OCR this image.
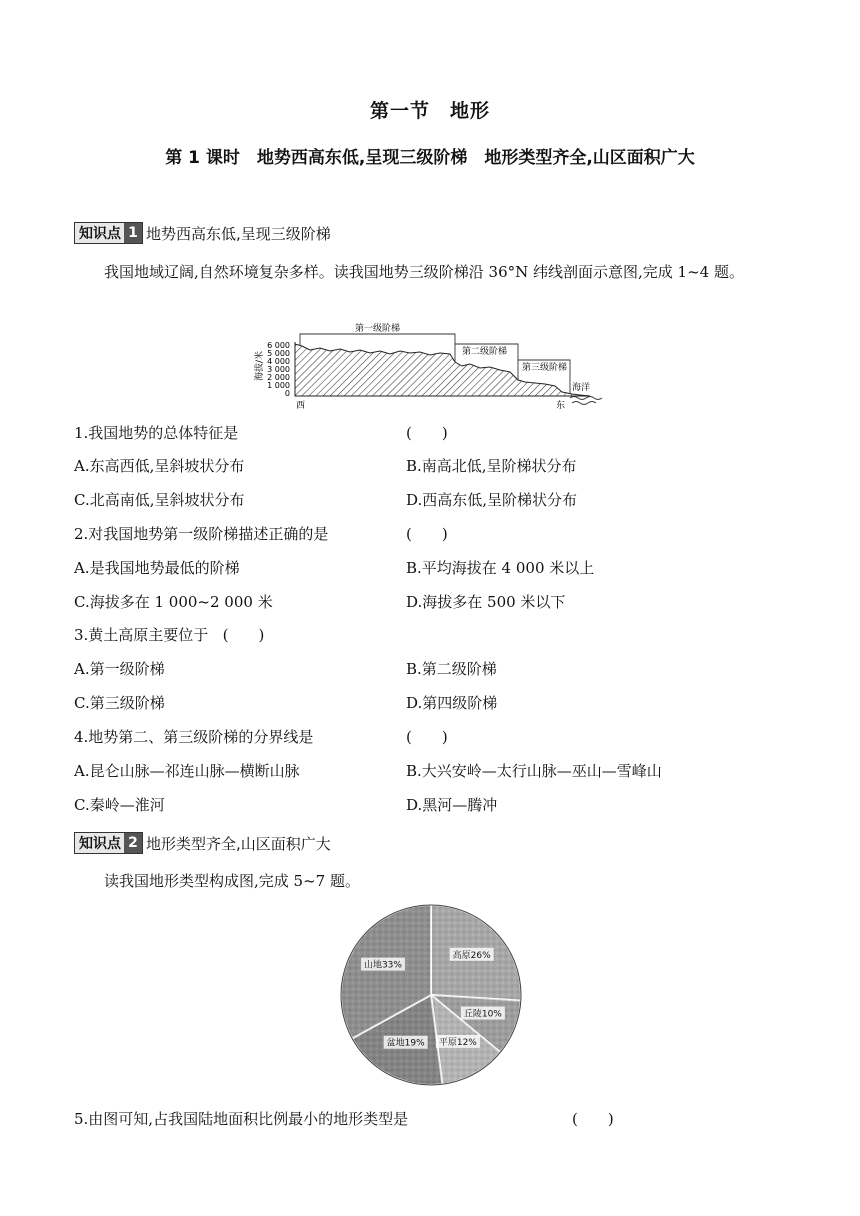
第一节　地形
第 1 课时　地势西高东低,呈现三级阶梯　地形类型齐全,山区面积广大
知识点 1 地势西高东低,呈现三级阶梯
我国地域辽阔,自然环境复杂多样。读我国地势三级阶梯沿 36°N 纬线剖面示意图,完成 1~4 题。
海拔/米
6 000
5 000
4 000
3 000
2 000
1 000
0
第一级阶梯
第二级阶梯
第三级阶梯
海洋
西	东
1.我国地势的总体特征是	(　　)
A.东高西低,呈斜坡状分布	B.南高北低,呈阶梯状分布
C.北高南低,呈斜坡状分布	D.西高东低,呈阶梯状分布
2.对我国地势第一级阶梯描述正确的是	(　　)
A.是我国地势最低的阶梯	B.平均海拔在 4 000 米以上
C.海拔多在 1 000~2 000 米	D.海拔多在 500 米以下
3.黄土高原主要位于 (　　)
A.第一级阶梯	B.第二级阶梯
C.第三级阶梯	D.第四级阶梯
4.地势第二、第三级阶梯的分界线是	(　　)
A.昆仑山脉—祁连山脉—横断山脉	B.大兴安岭—太行山脉—巫山—雪峰山
C.秦岭—淮河	D.黑河—腾冲
知识点 2 地形类型齐全,山区面积广大
读我国地形类型构成图,完成 5~7 题。
高原26%
丘陵10%
平原12%
盆地19%
山地33%
5.由图可知,占我国陆地面积比例最小的地形类型是	(　　)
